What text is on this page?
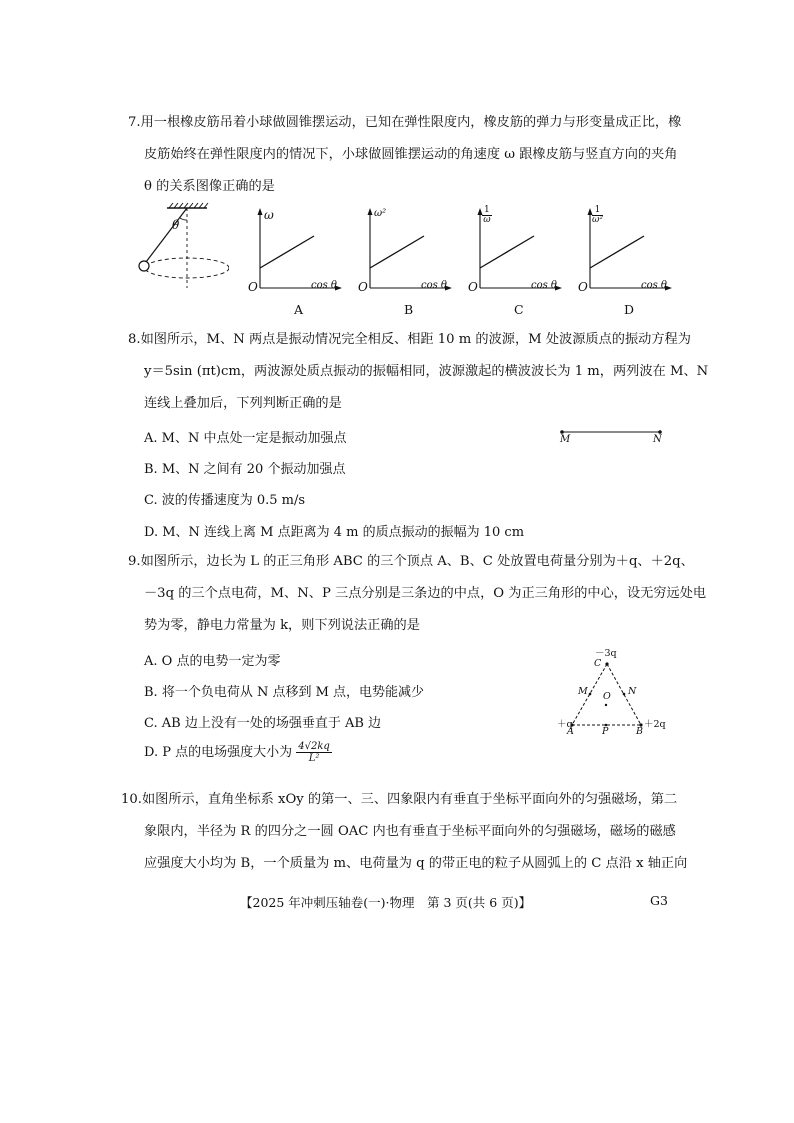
7.用一根橡皮筋吊着小球做圆锥摆运动，已知在弹性限度内，橡皮筋的弹力与形变量成正比，橡
皮筋始终在弹性限度内的情况下，小球做圆锥摆运动的角速度 ω 跟橡皮筋与竖直方向的夹角
θ 的关系图像正确的是
θ
ω
O	cos θ
A
ω²
O	cos θ
B
$\frac{1}{\omega}$
O	cos θ
C
$\frac{1}{\text{ω²}}$
O	cos θ
D
8.如图所示，M、N 两点是振动情况完全相反、相距 10 m 的波源，M 处波源质点的振动方程为
y＝5sin (πt)cm，两波源处质点振动的振幅相同，波源激起的横波波长为 1 m，两列波在 M、N
连线上叠加后，下列判断正确的是
A. M、N 中点处一定是振动加强点
B. M、N 之间有 20 个振动加强点
C. 波的传播速度为 0.5 m/s
D. M、N 连线上离 M 点距离为 4 m 的质点振动的振幅为 10 cm
M	N
9.如图所示，边长为 L 的正三角形 ABC 的三个顶点 A、B、C 处放置电荷量分别为＋q、＋2q、
－3q 的三个点电荷，M、N、P 三点分别是三条边的中点，O 为正三角形的中心，设无穷远处电
势为零，静电力常量为 k，则下列说法正确的是
A. O 点的电势一定为零
B. 将一个负电荷从 N 点移到 M 点，电势能减少
C. AB 边上没有一处的场强垂直于 AB 边
D. P 点的电场强度大小为 $\frac{4√2kq}{\text{L²}}$
－3q
C
M	N
O
＋q	＋2q
A	P	B
10.如图所示，直角坐标系 xOy 的第一、三、四象限内有垂直于坐标平面向外的匀强磁场，第二
象限内，半径为 R 的四分之一圆 OAC 内也有垂直于坐标平面向外的匀强磁场，磁场的磁感
应强度大小均为 B，一个质量为 m、电荷量为 q 的带正电的粒子从圆弧上的 C 点沿 x 轴正向
【2025 年冲刺压轴卷(一)·物理　第 3 页(共 6 页)】	G3
